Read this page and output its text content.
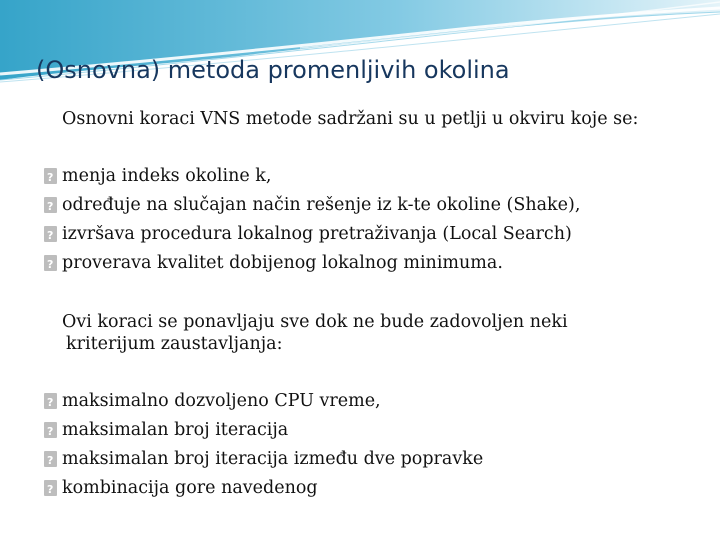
(Osnovna) metoda promenljivih okolina
Osnovni koraci VNS metode sadržani su u petlji u okviru koje se:
?
menja indeks okoline k,
?
određuje na slučajan način rešenje iz k-te okoline (Shake),
?
izvršava procedura lokalnog pretraživanja (Local Search)
?
proverava kvalitet dobijenog lokalnog minimuma.
Ovi koraci se ponavljaju sve dok ne bude zadovoljen neki
kriterijum zaustavljanja:
?
maksimalno dozvoljeno CPU vreme,
?
maksimalan broj iteracija
?
maksimalan broj iteracija između dve popravke
?
kombinacija gore navedenog
